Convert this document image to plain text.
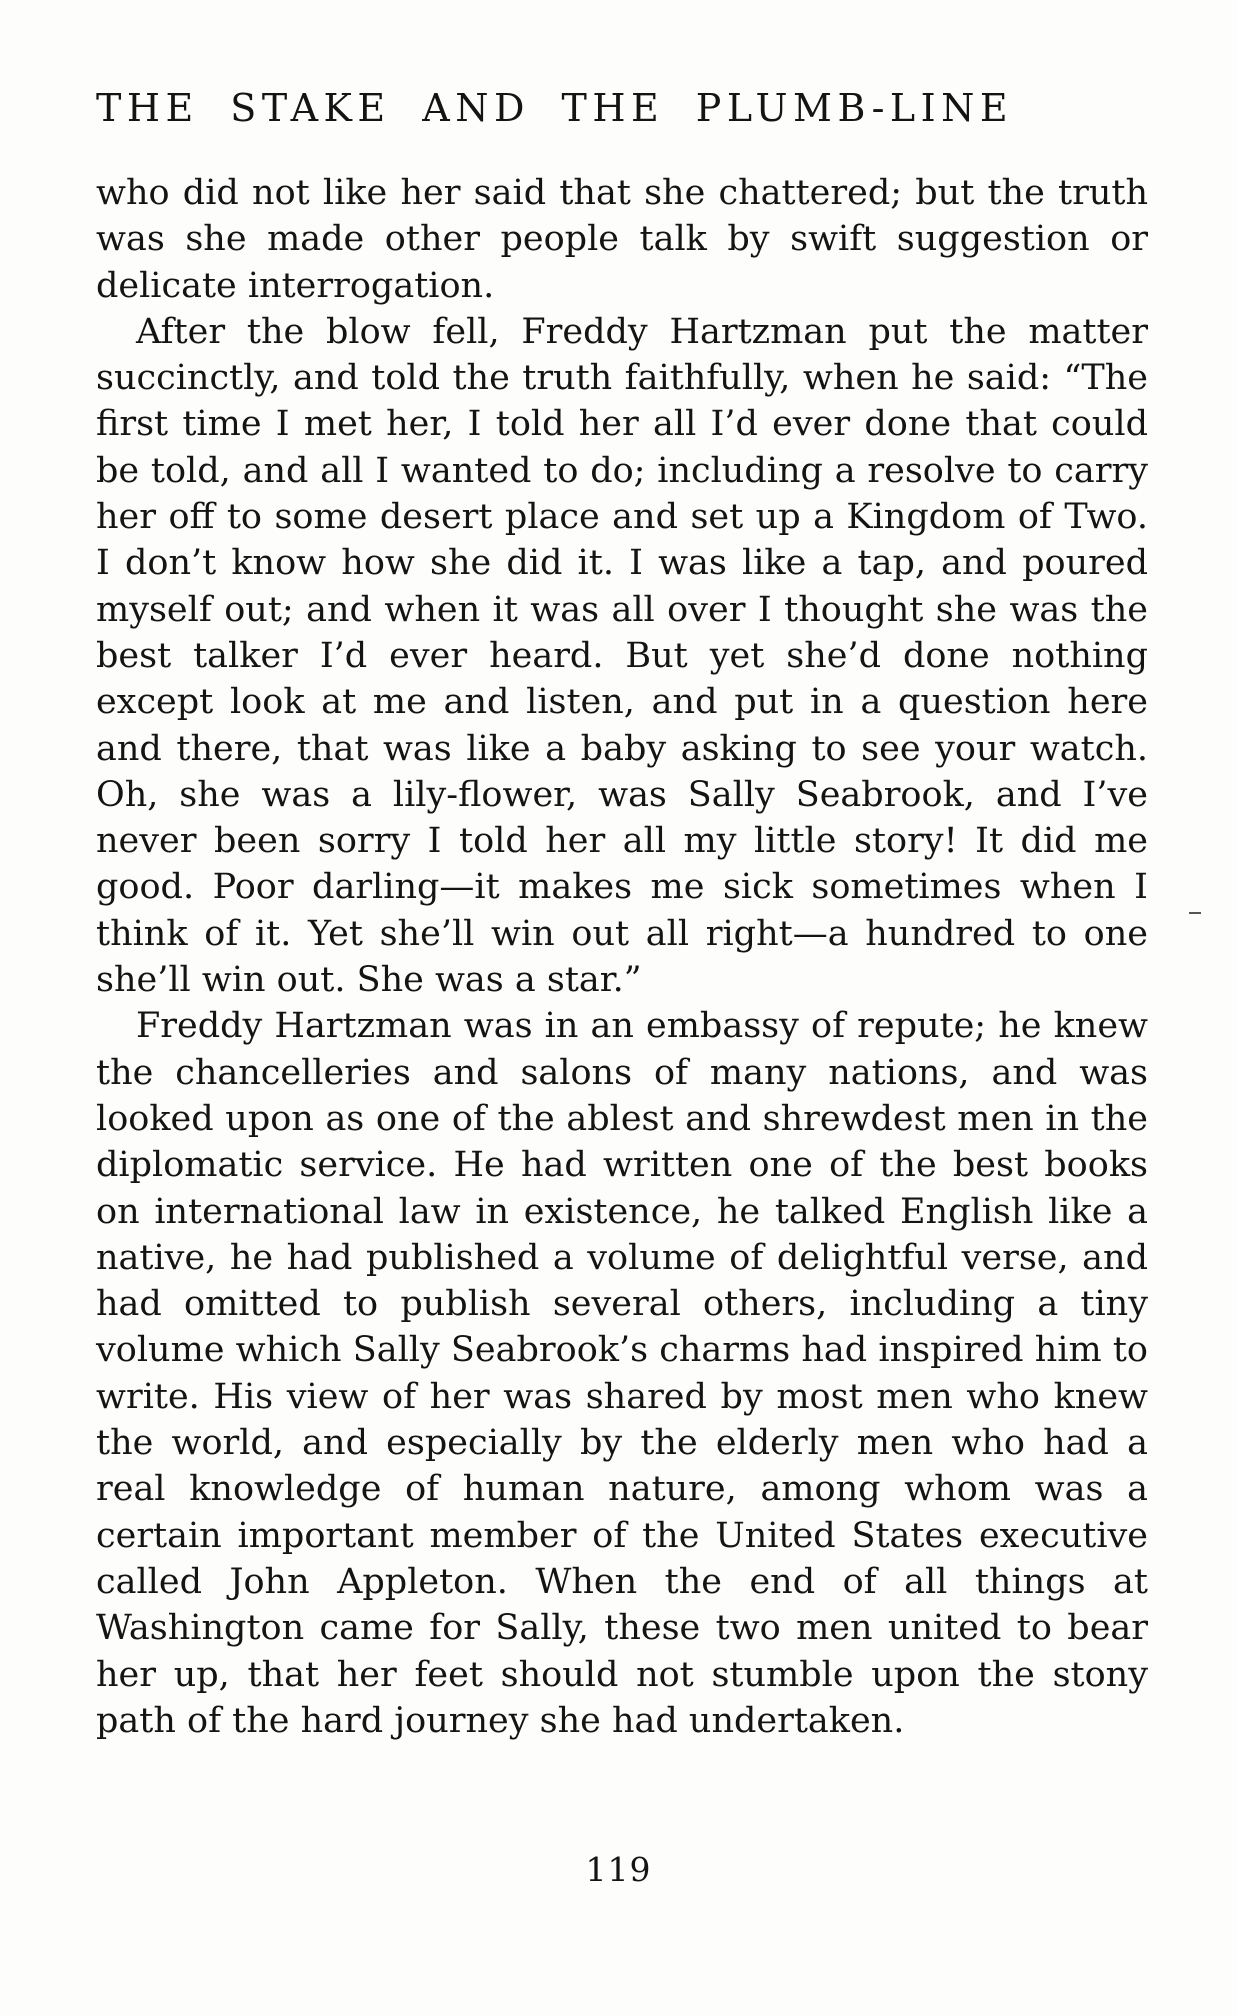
THE STAKE AND THE PLUMB-LINE

who did not like her said that she chattered; but the truth was she made other people talk by swift suggestion or delicate interrogation.

After the blow fell, Freddy Hartzman put the matter succinctly, and told the truth faithfully, when he said: “The first time I met her, I told her all I’d ever done that could be told, and all I wanted to do; including a resolve to carry her off to some desert place and set up a Kingdom of Two. I don’t know how she did it. I was like a tap, and poured myself out; and when it was all over I thought she was the best talker I’d ever heard. But yet she’d done nothing except look at me and listen, and put in a question here and there, that was like a baby asking to see your watch. Oh, she was a lily-flower, was Sally Seabrook, and I’ve never been sorry I told her all my little story! It did me good. Poor darling—it makes me sick sometimes when I think of it. Yet she’ll win out all right—a hundred to one she’ll win out. She was a star.”

Freddy Hartzman was in an embassy of repute; he knew the chancelleries and salons of many nations, and was looked upon as one of the ablest and shrewdest men in the diplomatic service. He had written one of the best books on international law in existence, he talked English like a native, he had published a volume of delightful verse, and had omitted to publish several others, including a tiny volume which Sally Seabrook’s charms had inspired him to write. His view of her was shared by most men who knew the world, and especially by the elderly men who had a real knowledge of human nature, among whom was a certain important member of the United States executive called John Appleton. When the end of all things at Washington came for Sally, these two men united to bear her up, that her feet should not stumble upon the stony path of the hard journey she had undertaken.

119
